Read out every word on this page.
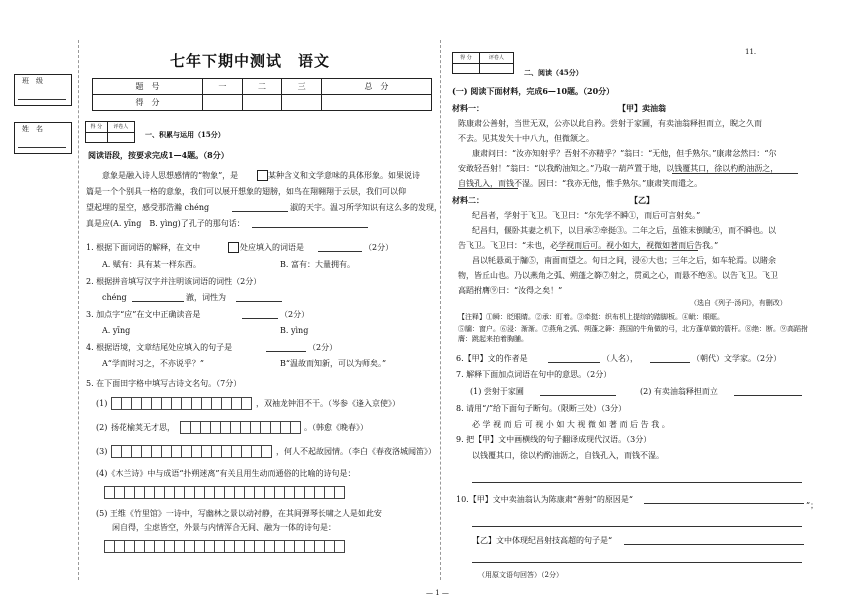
班　级
姓　名
七年下期中测试　语文	11.
题　号	一	二	三	总　分
得　分				
得 分	评卷人

一、积累与运用（15分）
阅读语段，按要求完成1—4题。（8分）
意象是融入诗人思想感情的“物象”，是	某种含义和文学意味的具体形象。如果说诗
篇是一个个别具一格的意象，我们可以展开想象的翅膀，如鸟在翔翱翔于云层，我们可以仰
望起埋的星空，感受那浩瀚 chéng	淑的天宇。温习所学知识有这么多的发现，
真是应(A. yīng　B. yìng)了孔子的那句话：
1. 根据下面词语的解释，在文中	处应填入的词语是	（2分）
A. 赋有：具有某一样东西。	B. 富有：大量拥有。
2. 根据拼音填写汉字并注明该词语的词性（2分）
chéng	澈，词性为
3. 加点字“应”在文中正确读音是	（2分）
A. yīng	B. yìng
4. 根据语境，文章结尾处应填入的句子是	（2分）
A“学而时习之，不亦说乎？”	B“温故而知新，可以为师矣。”
5. 在下面田字格中填写古诗文名句。（7分）
(1)	，双袖龙钟泪不干。（岑参《逢入京使》）
(2) 扬花榆荚无才思，	。（韩愈《晚春》）
(3)	，何人不起故园情。（李白《春夜洛城闻笛》）
(4)《木兰诗》中与成语“扑朔迷离”有关且用生动而通俗的比喻的诗句是：
(5) 王维《竹里馆》一诗中，写幽林之景以动衬静，在其间弹琴长啸之人是如此安
闲自得，尘虑皆空，外景与内情浑合无间、融为一体的诗句是：
得 分	评卷人

二、阅读（45分）
(一) 阅读下面材料，完成6—10题。（20分）
材料一：	【甲】卖油翁
陈康肃公善射，当世无双，公亦以此自矜。尝射于家圃，有卖油翁释担而立，睨之久而
不去。见其发矢十中八九，但微颔之。
康肃问曰：“汝亦知射乎？吾射不亦精乎？”翁曰：“无他，但手熟尔。”康肃忿然曰：“尔
安敢轻吾射！”翁曰：“以我酌油知之。”乃取一葫芦置于地，以钱覆其口，徐以杓酌油沥之，
自钱孔入，而钱不湿。因曰：“我亦无他，惟手熟尔。”康肃笑而遣之。
材料二：	【乙】
纪昌者，学射于飞卫。飞卫曰：“尔先学不瞬①，而后可言射矣。”
纪昌归，偃卧其妻之机下，以目承②牵挺③。二年之后，虽锥末倒眦④，而不瞬也。以
告飞卫。飞卫曰：“未也，必学视而后可。视小如大，视微如著而后告我。”
昌以牦悬虱于牖⑤，南面而望之。旬日之间，浸⑥大也；三年之后，如车轮焉。以睹余
物，皆丘山也。乃以燕角之弧、朔蓬之簳⑦射之，贯虱之心，而悬不绝⑧。以告飞卫。飞卫
高蹈拊膺⑨曰：“汝得之矣！”
（选自《列子·汤问》，有删改）
【注释】①瞬：眨眼睛。②承：盯着。③牵挺：织布机上提综的踏脚板。④眦：眼眶。
⑤牖：窗户。⑥浸：渐渐。⑦燕角之弧、朔蓬之簳：燕国的牛角做的弓，北方蓬草做的箭杆。⑧绝：断。⑨高蹈拊膺：跳起来拍着胸脯。
6.【甲】文的作者是	（人名），	（朝代）文学家。（2分）
7. 解释下面加点词语在句中的意思。（2分）
(1) 尝射于家圃	(2) 有卖油翁释担而立
8. 请用“/”给下面句子断句。（限断三处）（3分）
必 学 视 而 后 可 视 小 如 大 视 微 如 著 而 后 告 我 。
9. 把【甲】文中画横线的句子翻译成现代汉语。（3分）
以钱覆其口，徐以杓酌油沥之，自钱孔入，而钱不湿。
10.【甲】文中卖油翁认为陈康肃“善射”的原因是“
”；
【乙】文中体现纪昌射技高超的句子是“
（用原文语句回答）（2分）
— 1 —
